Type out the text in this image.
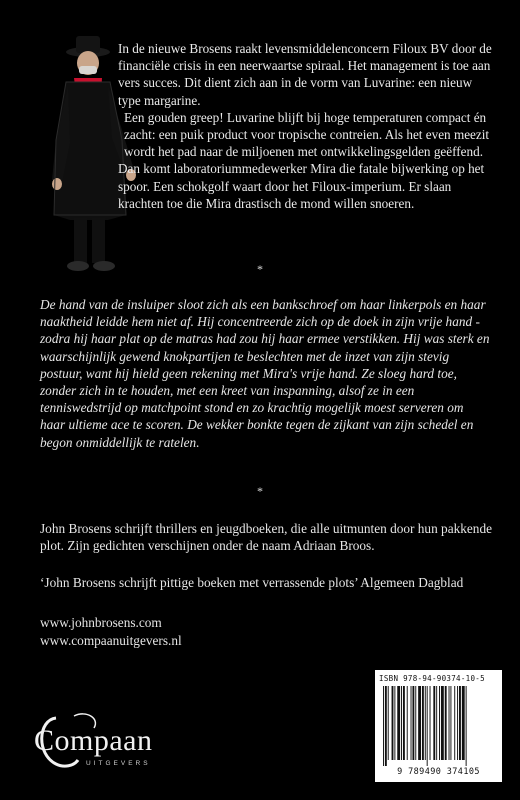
In de nieuwe Brosens raakt levensmiddelenconcern Filoux BV door de financiële crisis in een neerwaartse spiraal. Het management is toe aan vers succes. Dit dient zich aan in de vorm van Luvarine: een nieuw type margarine.

Een gouden greep! Luvarine blijft bij hoge temperaturen compact én zacht: een puik product voor tropische contreien. Als het even meezit wordt het pad naar de miljoenen met ontwikkelingsgelden geëffend.

Dan komt laboratoriummedewerker Mira die fatale bijwerking op het spoor. Een schokgolf waart door het Filoux-imperium. Er slaan krachten toe die Mira drastisch de mond willen snoeren.

*
De hand van de insluiper sloot zich als een bankschroef om haar linkerpols en haar naaktheid leidde hem niet af. Hij concentreerde zich op de doek in zijn vrije hand - zodra hij haar plat op de matras had zou hij haar ermee verstikken. Hij was sterk en waarschijnlijk gewend knokpartijen te beslechten met de inzet van zijn stevig postuur, want hij hield geen rekening met Mira's vrije hand. Ze sloeg hard toe, zonder zich in te houden, met een kreet van inspanning, alsof ze in een tenniswedstrijd op matchpoint stond en zo krachtig mogelijk moest serveren om haar ultieme ace te scoren. De wekker bonkte tegen de zijkant van zijn schedel en begon onmiddellijk te ratelen.
*
John Brosens schrijft thrillers en jeugdboeken, die alle uitmunten door hun pakkende plot. Zijn gedichten verschijnen onder de naam Adriaan Broos.
‘John Brosens schrijft pittige boeken met verrassende plots’ Algemeen Dagblad
www.johnbrosens.com
www.compaanuitgevers.nl
ISBN 978-94-90374-10-5
9 789490 374105
Compaan
UITGEVERS
